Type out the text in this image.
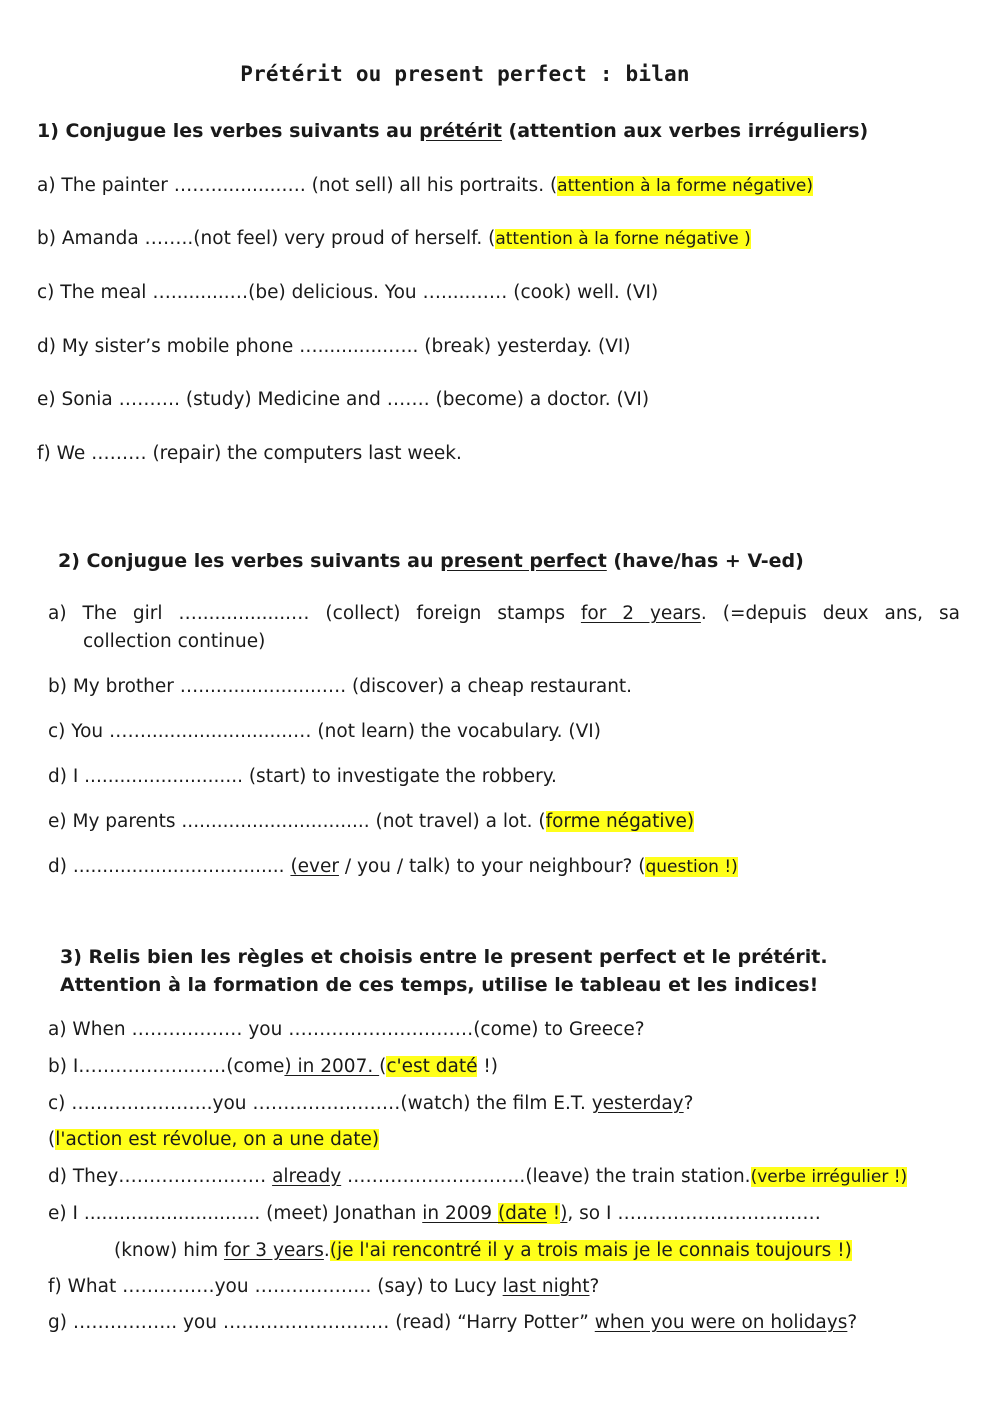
Prétérit ou present perfect : bilan
1) Conjugue les verbes suivants au prétérit (attention aux verbes irréguliers)
a) The painter ……............…. (not sell) all his portraits. (attention à la forme négative)
b) Amanda ……..(not feel) very proud of herself. (attention à la forne négative )
c) The meal …..........…(be) delicious. You ….....…… (cook) well. (VI)
d) My sister’s mobile phone …............….. (break) yesterday. (VI)
e) Sonia ………. (study) Medicine and ……. (become) a doctor. (VI)
f) We ……… (repair) the computers last week.
2) Conjugue les verbes suivants au present perfect (have/has + V-ed)
a) The girl …................… (collect) foreign stamps for 2 years. (=depuis deux ans, sa
collection continue)
b) My brother ….....................…. (discover) a cheap restaurant.
c) You …….........................… (not learn) the vocabulary. (VI)
d) I ........................... (start) to investigate the robbery.
e) My parents ................................ (not travel) a lot. (forme négative)
d) .................................... (ever / you / talk) to your neighbour? (question !)
3) Relis bien les règles et choisis entre le present perfect et le prétérit.
Attention à la formation de ces temps, utilise le tableau et les indices!
a) When ……………… you …………………………(come) to Greece?
b) I……………………(come) in 2007. (c'est daté !)
c) …………………..you ……………………(watch) the film E.T. yesterday?
(l'action est révolue, on a une date)
d) They…………………… already ………………………..(leave) the train station.(verbe irrégulier !)
e) I .............................. (meet) Jonathan in 2009 (date !), so I ……………………………
(know) him for 3 years.(je l'ai rencontré il y a trois mais je le connais toujours !)
f) What ……………you ………………. (say) to Lucy last night?
g) …………….. you ……………………… (read) “Harry Potter” when you were on holidays?
